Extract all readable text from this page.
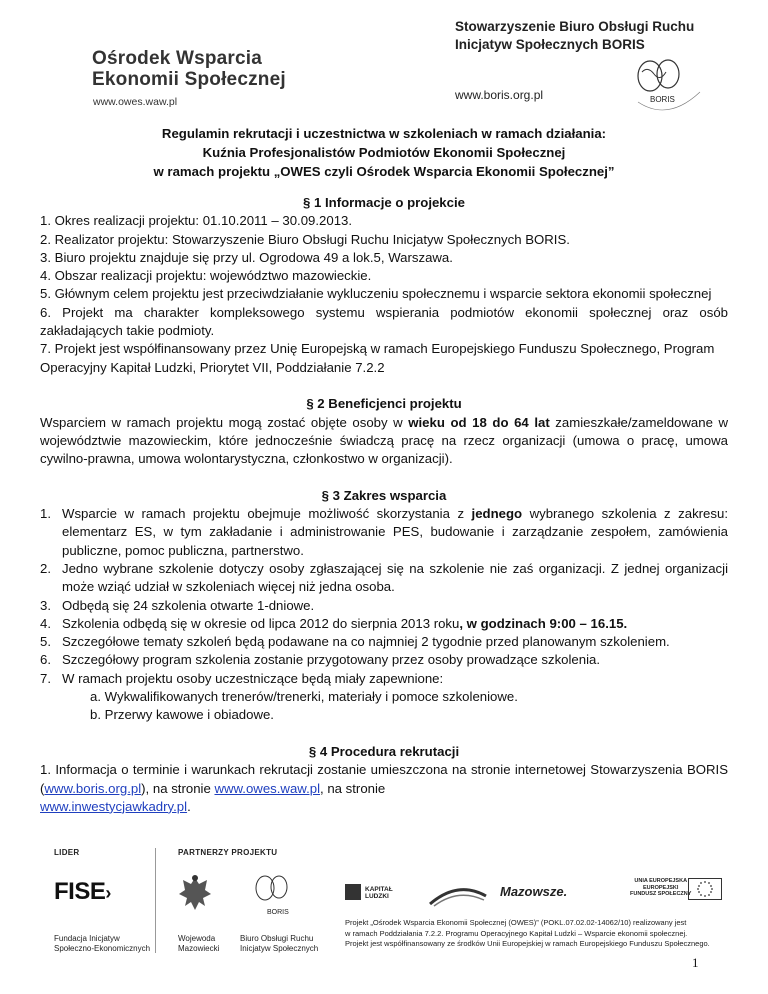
Stowarzyszenie Biuro Obsługi Ruchu
Inicjatyw Społecznych BORIS
Ośrodek Wsparcia
Ekonomii Społecznej
www.owes.waw.pl	www.boris.org.pl	BORIS
Regulamin rekrutacji i uczestnictwa w szkoleniach w ramach działania:
Kuźnia Profesjonalistów Podmiotów Ekonomii Społecznej
w ramach projektu „OWES czyli Ośrodek Wsparcia Ekonomii Społecznej”
§ 1 Informacje o projekcie

1. Okres realizacji projektu: 01.10.2011 – 30.09.2013.

2. Realizator projektu: Stowarzyszenie Biuro Obsługi Ruchu Inicjatyw Społecznych BORIS.

3. Biuro projektu znajduje się przy ul. Ogrodowa 49 a lok.5, Warszawa.

4. Obszar realizacji projektu: województwo mazowieckie.

5. Głównym celem projektu jest przeciwdziałanie wykluczeniu społecznemu i wsparcie sektora ekonomii społecznej

6. Projekt ma charakter kompleksowego systemu wspierania podmiotów ekonomii społecznej oraz osób zakładających takie podmioty.

7. Projekt jest współfinansowany przez Unię Europejską w ramach Europejskiego Funduszu Społecznego, Program Operacyjny Kapitał Ludzki, Priorytet VII, Poddziałanie 7.2.2

§ 2 Beneficjenci projektu

Wsparciem w ramach projektu mogą zostać objęte osoby w wieku od 18 do 64 lat zamieszkałe/zameldowane w województwie mazowieckim, które jednocześnie świadczą pracę na rzecz organizacji (umowa o pracę, umowa cywilno-prawna, umowa wolontarystyczna, członkostwo w organizacji).

§ 3 Zakres wsparcia
1. Wsparcie w ramach projektu obejmuje możliwość skorzystania z jednego wybranego szkolenia z zakresu: elementarz ES, w tym zakładanie i administrowanie PES, budowanie i zarządzanie zespołem, zamówienia publiczne, pomoc publiczna, partnerstwo.
2. Jedno wybrane szkolenie dotyczy osoby zgłaszającej się na szkolenie nie zaś organizacji. Z jednej organizacji może wziąć udział w szkoleniach więcej niż jedna osoba.
3. Odbędą się 24 szkolenia otwarte 1-dniowe.
4. Szkolenia odbędą się w okresie od lipca 2012 do sierpnia 2013 roku, w godzinach 9:00 – 16.15.
5. Szczegółowe tematy szkoleń będą podawane na co najmniej 2 tygodnie przed planowanym szkoleniem.
6. Szczegółowy program szkolenia zostanie przygotowany przez osoby prowadzące szkolenia.
7. W ramach projektu osoby uczestniczące będą miały zapewnione:
a. Wykwalifikowanych trenerów/trenerki, materiały i pomoce szkoleniowe.
b. Przerwy kawowe i obiadowe.
§ 4 Procedura rekrutacji

1. Informacja o terminie i warunkach rekrutacji zostanie umieszczona na stronie internetowej Stowarzyszenia BORIS (www.boris.org.pl), na stronie www.owes.waw.pl, na stronie
www.inwestycjawkadry.pl.

LIDER	PARTNERZY PROJEKTU
FISE›
Fundacja Inicjatyw
Społeczno-Ekonomicznych
Wojewoda
Mazowiecki
BORIS
Biuro Obsługi Ruchu
Inicjatyw Społecznych
KAPITAŁ LUDZKI	Mazowsze.
UNIA EUROPEJSKA
EUROPEJSKI
FUNDUSZ SPOŁECZNY
Projekt „Ośrodek Wsparcia Ekonomii Społecznej (OWES)” (POKL.07.02.02-14062/10) realizowany jest
w ramach Poddziałania 7.2.2. Programu Operacyjnego Kapitał Ludzki – Wsparcie ekonomii społecznej.
Projekt jest współfinansowany ze środków Unii Europejskiej w ramach Europejskiego Funduszu Społecznego.
1
